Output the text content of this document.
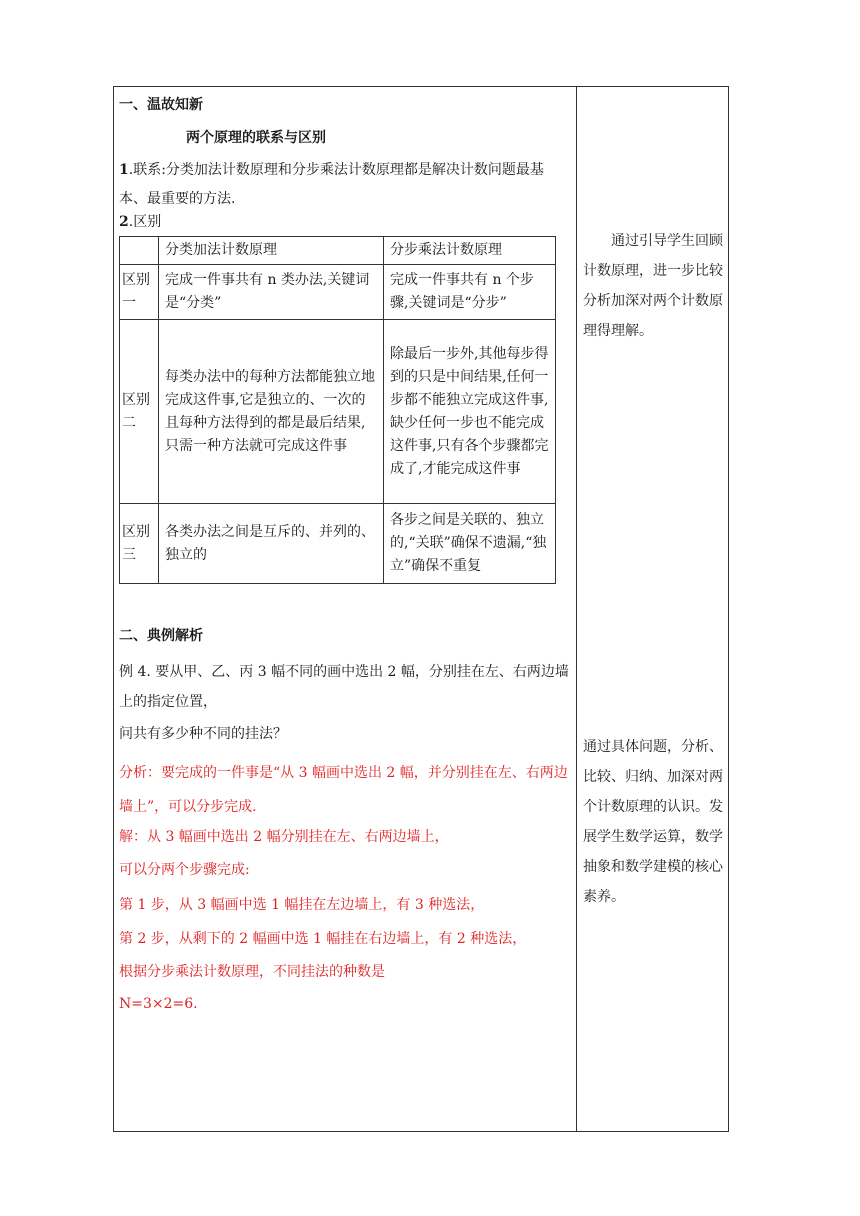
一、温故知新
两个原理的联系与区别
1.联系:分类加法计数原理和分步乘法计数原理都是解决计数问题最基本、最重要的方法.
2.区别
	分类加法计数原理	分步乘法计数原理
区别一	完成一件事共有 n 类办法,关键词是“分类”	完成一件事共有 n 个步骤,关键词是“分步”
区别二	每类办法中的每种方法都能独立地完成这件事,它是独立的、一次的且每种方法得到的都是最后结果,只需一种方法就可完成这件事	除最后一步外,其他每步得到的只是中间结果,任何一步都不能独立完成这件事,缺少任何一步也不能完成这件事,只有各个步骤都完成了,才能完成这件事
区别三	各类办法之间是互斥的、并列的、独立的	各步之间是关联的、独立的,“关联”确保不遗漏,“独立”确保不重复
二、典例解析
例 4. 要从甲、乙、丙 3 幅不同的画中选出 2 幅，分别挂在左、右两边墙上的指定位置，
问共有多少种不同的挂法？
分析：要完成的一件事是“从 3 幅画中选出 2 幅，并分别挂在左、右两边墙上”，可以分步完成.
解：从 3 幅画中选出 2 幅分别挂在左、右两边墙上，
可以分两个步骤完成:
第 1 步，从 3 幅画中选 1 幅挂在左边墙上，有 3 种选法，
第 2 步，从剩下的 2 幅画中选 1 幅挂在右边墙上，有 2 种选法，
根据分步乘法计数原理，不同挂法的种数是
N=3×2=6.
　　通过引导学生回顾计数原理，进一步比较分析加深对两个计数原理得理解。
通过具体问题，分析、比较、归纳、加深对两个计数原理的认识。发展学生数学运算，数学抽象和数学建模的核心素养。
